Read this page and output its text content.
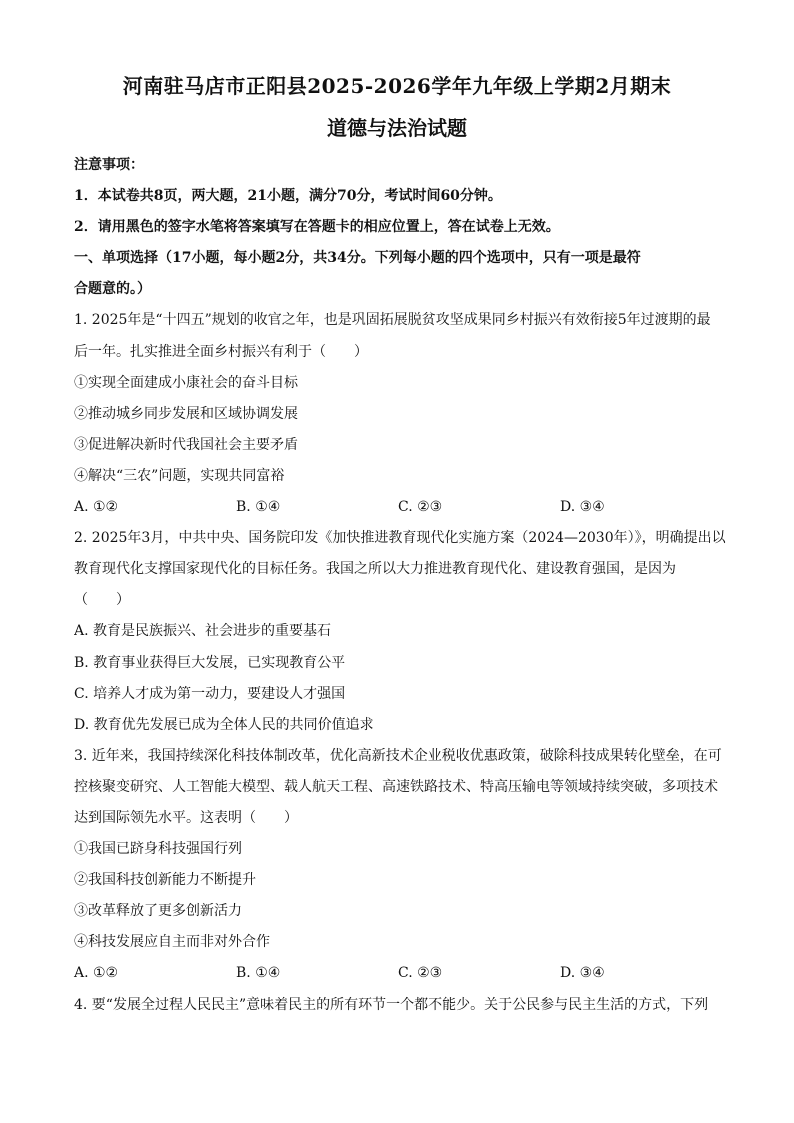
河南驻马店市正阳县2025-2026学年九年级上学期2月期末
道德与法治试题
注意事项：
1．本试卷共8页，两大题，21小题，满分70分，考试时间60分钟。
2．请用黑色的签字水笔将答案填写在答题卡的相应位置上，答在试卷上无效。
一、单项选择（17小题，每小题2分，共34分。下列每小题的四个选项中，只有一项是最符
合题意的。）
1. 2025年是“十四五”规划的收官之年，也是巩固拓展脱贫攻坚成果同乡村振兴有效衔接5年过渡期的最
后一年。扎实推进全面乡村振兴有利于（　　）
①实现全面建成小康社会的奋斗目标
②推动城乡同步发展和区域协调发展
③促进解决新时代我国社会主要矛盾
④解决“三农”问题，实现共同富裕
A. ①②	B. ①④	C. ②③	D. ③④
2. 2025年3月，中共中央、国务院印发《加快推进教育现代化实施方案（2024—2030年）》，明确提出以
教育现代化支撑国家现代化的目标任务。我国之所以大力推进教育现代化、建设教育强国，是因为
（　　）
A. 教育是民族振兴、社会进步的重要基石
B. 教育事业获得巨大发展，已实现教育公平
C. 培养人才成为第一动力，要建设人才强国
D. 教育优先发展已成为全体人民的共同价值追求
3. 近年来，我国持续深化科技体制改革，优化高新技术企业税收优惠政策，破除科技成果转化壁垒，在可
控核聚变研究、人工智能大模型、载人航天工程、高速铁路技术、特高压输电等领域持续突破，多项技术
达到国际领先水平。这表明（　　）
①我国已跻身科技强国行列
②我国科技创新能力不断提升
③改革释放了更多创新活力
④科技发展应自主而非对外合作
A. ①②	B. ①④	C. ②③	D. ③④
4. 要“发展全过程人民民主”意味着民主的所有环节一个都不能少。关于公民参与民主生活的方式，下列
